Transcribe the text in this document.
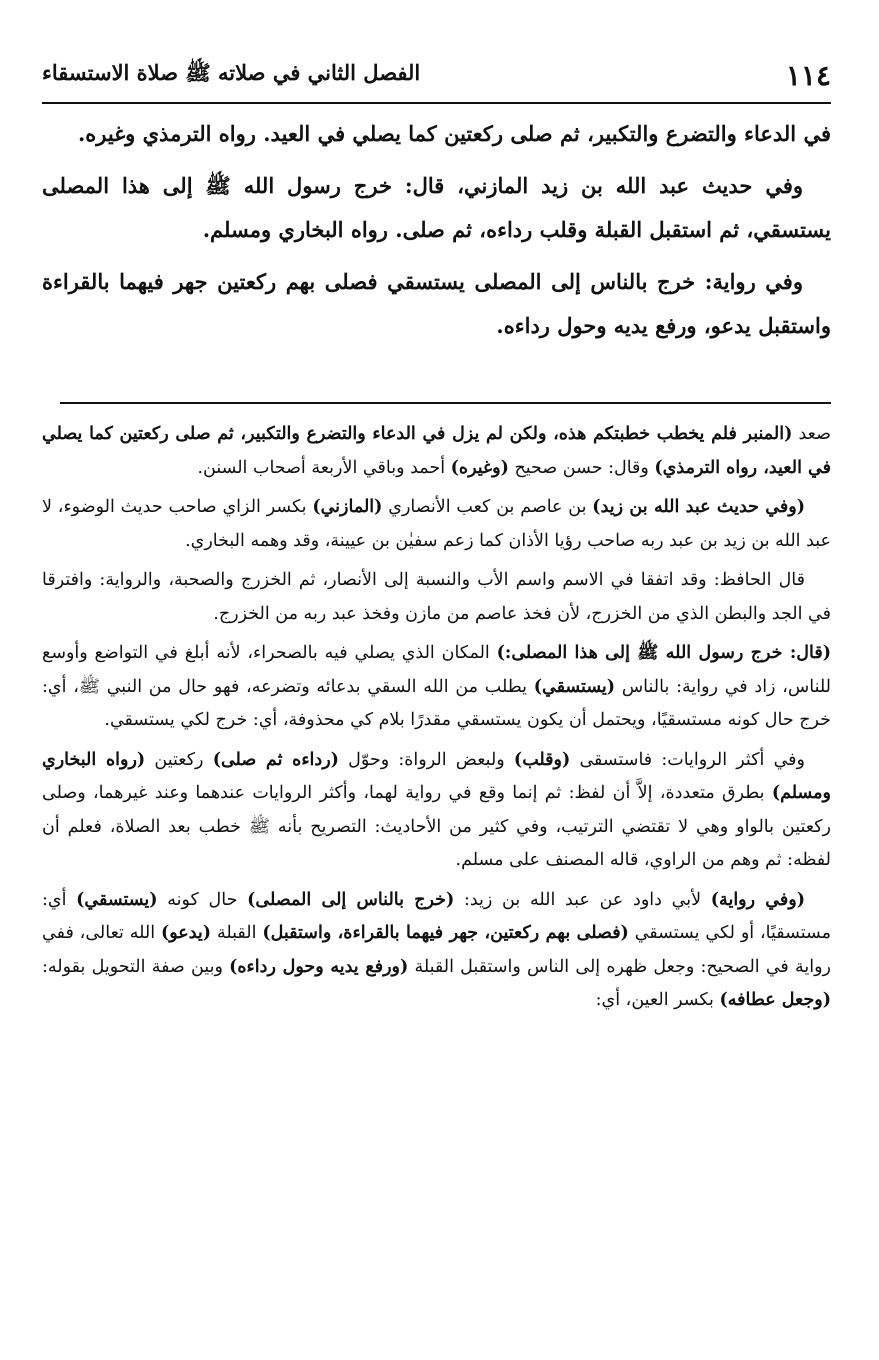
١١٤
الفصل الثاني في صلاته ﷺ صلاة الاستسقاء

في الدعاء والتضرع والتكبير، ثم صلى ركعتين كما يصلي في العيد. رواه الترمذي وغيره.

وفي حديث عبد الله بن زيد المازني، قال: خرج رسول الله ﷺ إلى هذا المصلى يستسقي، ثم استقبل القبلة وقلب رداءه، ثم صلى. رواه البخاري ومسلم.

وفي رواية: خرج بالناس إلى المصلى يستسقي فصلى بهم ركعتين جهر فيهما بالقراءة واستقبل يدعو، ورفع يديه وحول رداءه.

صعد (المنبر فلم يخطب خطبتكم هذه، ولكن لم يزل في الدعاء والتضرع والتكبير، ثم صلى ركعتين كما يصلي في العيد، رواه الترمذي) وقال: حسن صحيح (وغيره) أحمد وباقي الأربعة أصحاب السنن.

(وفي حديث عبد الله بن زيد) بن عاصم بن كعب الأنصاري (المازني) بكسر الزاي صاحب حديث الوضوء، لا عبد الله بن زيد بن عبد ربه صاحب رؤيا الأذان كما زعم سفيٰن بن عيينة، وقد وهمه البخاري.

قال الحافظ: وقد اتفقا في الاسم واسم الأب والنسبة إلى الأنصار، ثم الخزرج والصحبة، والرواية: وافترقا في الجد والبطن الذي من الخزرج، لأن فخذ عاصم من مازن وفخذ عبد ربه من الخزرج.

(قال: خرج رسول الله ﷺ إلى هذا المصلى:) المكان الذي يصلي فيه بالصحراء، لأنه أبلغ في التواضع وأوسع للناس، زاد في رواية: بالناس (يستسقي) يطلب من الله السقي بدعائه وتضرعه، فهو حال من النبي ﷺ، أي: خرج حال كونه مستسقيًا، ويحتمل أن يكون يستسقي مقدرًا بلام كي محذوفة، أي: خرج لكي يستسقي.

وفي أكثر الروايات: فاستسقى (وقلب) ولبعض الرواة: وحوّل (رداءه ثم صلى) ركعتين (رواه البخاري ومسلم) بطرق متعددة، إلاَّ أن لفظ: ثم إنما وقع في رواية لهما، وأكثر الروايات عندهما وعند غيرهما، وصلى ركعتين بالواو وهي لا تقتضي الترتيب، وفي كثير من الأحاديث: التصريح بأنه ﷺ خطب بعد الصلاة، فعلم أن لفظه: ثم وهم من الراوي، قاله المصنف على مسلم.

(وفي رواية) لأبي داود عن عبد الله بن زيد: (خرج بالناس إلى المصلى) حال كونه (يستسقي) أي: مستسقيًا، أو لكي يستسقي (فصلى بهم ركعتين، جهر فيهما بالقراءة، واستقبل) القبلة (يدعو) الله تعالى، ففي رواية في الصحيح: وجعل ظهره إلى الناس واستقبل القبلة (ورفع يديه وحول رداءه) وبين صفة التحويل بقوله: (وجعل عطافه) بكسر العين، أي:
